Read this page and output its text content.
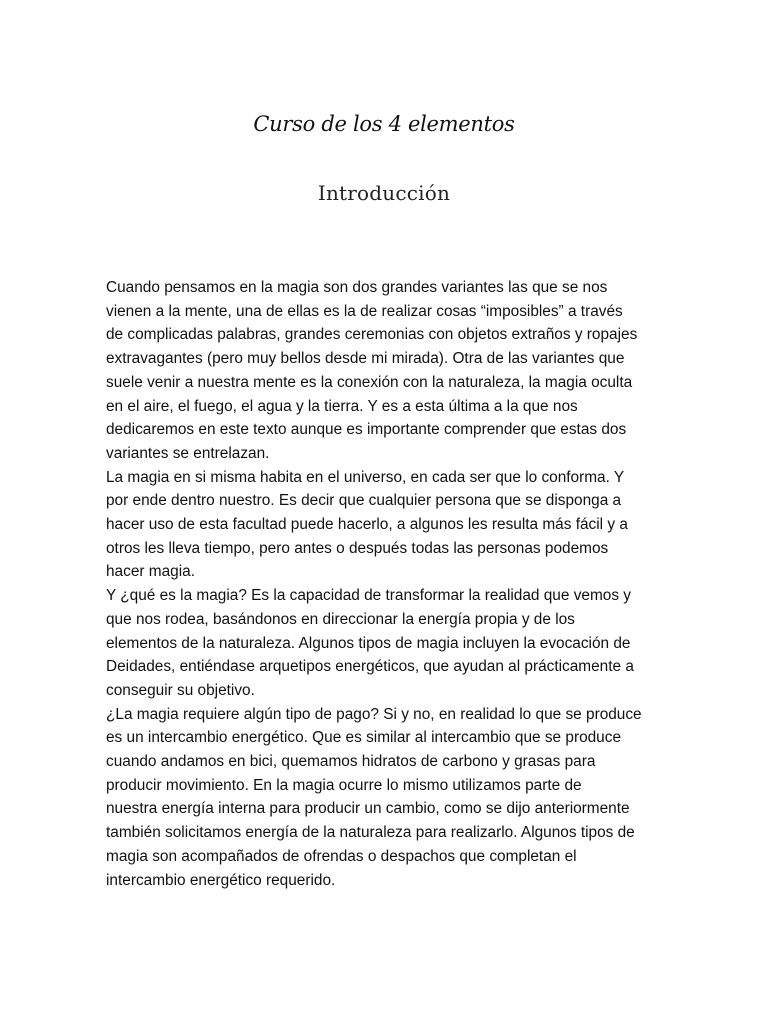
Curso de los 4 elementos
Introducción
Cuando pensamos en la magia son dos grandes variantes las que se nos
vienen a la mente, una de ellas es la de realizar cosas “imposibles” a través
de complicadas palabras, grandes ceremonias con objetos extraños y ropajes
extravagantes (pero muy bellos desde mi mirada). Otra de las variantes que
suele venir a nuestra mente es la conexión con la naturaleza, la magia oculta
en el aire, el fuego, el agua y la tierra. Y es a esta última a la que nos
dedicaremos en este texto aunque es importante comprender que estas dos
variantes se entrelazan.
La magia en si misma habita en el universo, en cada ser que lo conforma. Y
por ende dentro nuestro. Es decir que cualquier persona que se disponga a
hacer uso de esta facultad puede hacerlo, a algunos les resulta más fácil y a
otros les lleva tiempo, pero antes o después todas las personas podemos
hacer magia.
Y ¿qué es la magia? Es la capacidad de transformar la realidad que vemos y
que nos rodea, basándonos en direccionar la energía propia y de los
elementos de la naturaleza. Algunos tipos de magia incluyen la evocación de
Deidades, entiéndase arquetipos energéticos, que ayudan al prácticamente a
conseguir su objetivo.
¿La magia requiere algún tipo de pago? Si y no, en realidad lo que se produce
es un intercambio energético. Que es similar al intercambio que se produce
cuando andamos en bici, quemamos hidratos de carbono y grasas para
producir movimiento. En la magia ocurre lo mismo utilizamos parte de
nuestra energía interna para producir un cambio, como se dijo anteriormente
también solicitamos energía de la naturaleza para realizarlo. Algunos tipos de
magia son acompañados de ofrendas o despachos que completan el
intercambio energético requerido.
